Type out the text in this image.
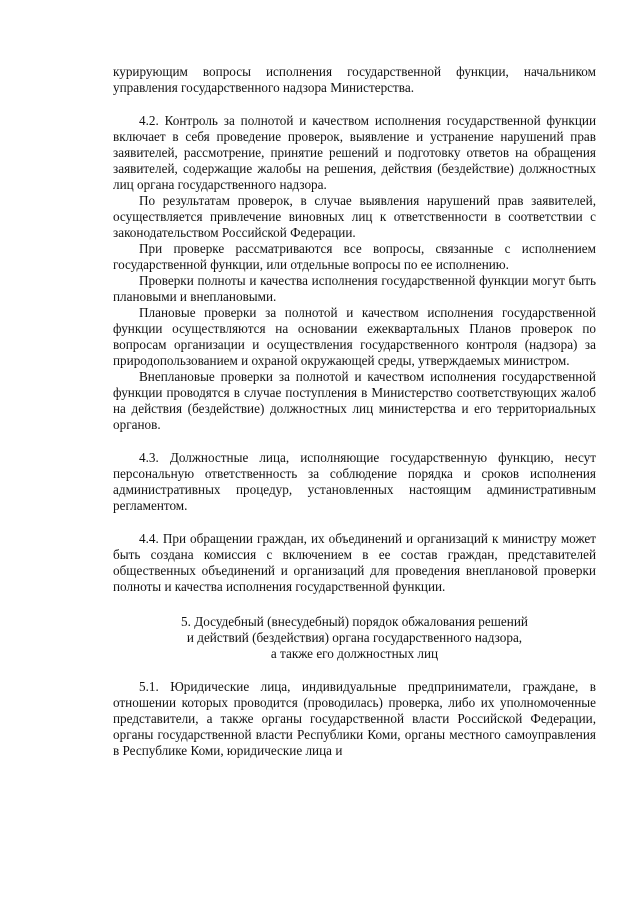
курирующим вопросы исполнения государственной функции, начальником управления государственного надзора Министерства.

4.2. Контроль за полнотой и качеством исполнения государственной функции включает в себя проведение проверок, выявление и устранение нарушений прав заявителей, рассмотрение, принятие решений и подготовку ответов на обращения заявителей, содержащие жалобы на решения, действия (бездействие) должностных лиц органа государственного надзора.

По результатам проверок, в случае выявления нарушений прав заявителей, осуществляется привлечение виновных лиц к ответственности в соответствии с законодательством Российской Федерации.

При проверке рассматриваются все вопросы, связанные с исполнением государственной функции, или отдельные вопросы по ее исполнению.

Проверки полноты и качества исполнения государственной функции могут быть плановыми и внеплановыми.

Плановые проверки за полнотой и качеством исполнения государственной функции осуществляются на основании ежеквартальных Планов проверок по вопросам организации и осуществления государственного контроля (надзора) за природопользованием и охраной окружающей среды, утверждаемых министром.

Внеплановые проверки за полнотой и качеством исполнения государственной функции проводятся в случае поступления в Министерство соответствующих жалоб на действия (бездействие) должностных лиц министерства и его территориальных органов.

4.3. Должностные лица, исполняющие государственную функцию, несут персональную ответственность за соблюдение порядка и сроков исполнения административных процедур, установленных настоящим административным регламентом.

4.4. При обращении граждан, их объединений и организаций к министру может быть создана комиссия с включением в ее состав граждан, представителей общественных объединений и организаций для проведения внеплановой проверки полноты и качества исполнения государственной функции.

5. Досудебный (внесудебный) порядок обжалования решений
и действий (бездействия) органа государственного надзора,
а также его должностных лиц

5.1. Юридические лица, индивидуальные предприниматели, граждане, в отношении которых проводится (проводилась) проверка, либо их уполномоченные представители, а также органы государственной власти Российской Федерации, органы государственной власти Республики Коми, органы местного самоуправления в Республике Коми, юридические лица и
